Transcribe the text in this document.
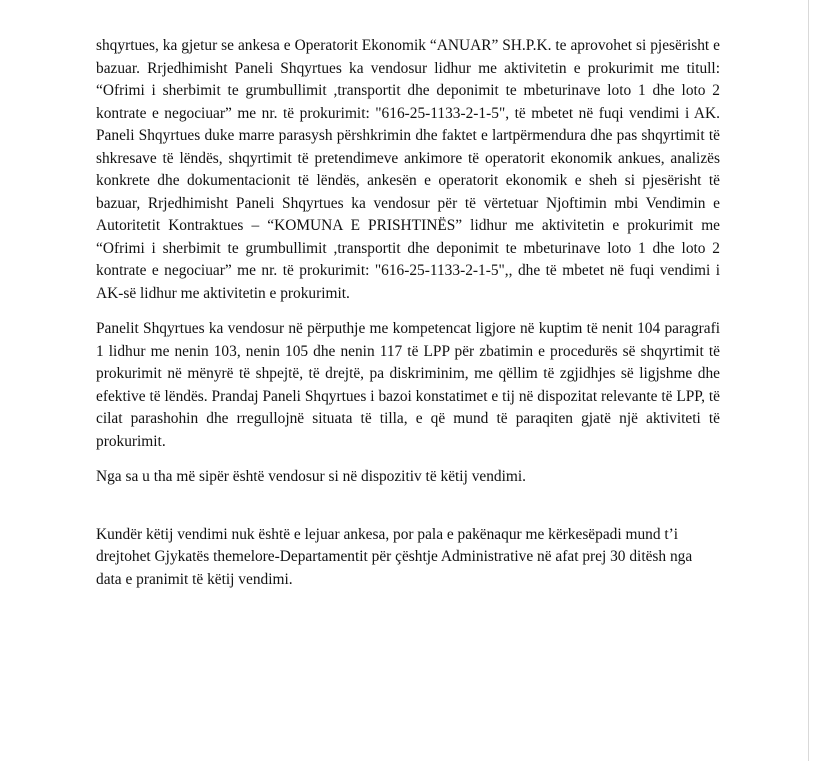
shqyrtues, ka gjetur se ankesa e Operatorit Ekonomik “ANUAR” SH.P.K. te aprovohet si pjesërisht e bazuar. Rrjedhimisht Paneli Shqyrtues ka vendosur lidhur me aktivitetin e prokurimit me titull: “Ofrimi i sherbimit te grumbullimit ,transportit dhe deponimit te mbeturinave loto 1 dhe loto 2 kontrate e negociuar” me nr. të prokurimit: "616-25-1133-2-1-5", të mbetet në fuqi vendimi i AK. Paneli Shqyrtues duke marre parasysh përshkrimin dhe faktet e lartpërmendura dhe pas shqyrtimit të shkresave të lëndës, shqyrtimit të pretendimeve ankimore të operatorit ekonomik ankues, analizës konkrete dhe dokumentacionit të lëndës, ankesën e operatorit ekonomik e sheh si pjesërisht të bazuar, Rrjedhimisht Paneli Shqyrtues ka vendosur për të vërtetuar Njoftimin mbi Vendimin e Autoritetit Kontraktues – “KOMUNA E PRISHTINËS” lidhur me aktivitetin e prokurimit me “Ofrimi i sherbimit te grumbullimit ,transportit dhe deponimit te mbeturinave loto 1 dhe loto 2 kontrate e negociuar” me nr. të prokurimit: "616-25-1133-2-1-5",, dhe të mbetet në fuqi vendimi i AK-së lidhur me aktivitetin e prokurimit.

Panelit Shqyrtues ka vendosur në përputhje me kompetencat ligjore në kuptim të nenit 104 paragrafi 1 lidhur me nenin 103, nenin 105 dhe nenin 117 të LPP për zbatimin e procedurës së shqyrtimit të prokurimit në mënyrë të shpejtë, të drejtë, pa diskriminim, me qëllim të zgjidhjes së ligjshme dhe efektive të lëndës. Prandaj Paneli Shqyrtues i bazoi konstatimet e tij në dispozitat relevante të LPP, të cilat parashohin dhe rregullojnë situata të tilla, e që mund të paraqiten gjatë një aktiviteti të prokurimit.

Nga sa u tha më sipër është vendosur si në dispozitiv të këtij vendimi.

Kundër këtij vendimi nuk është e lejuar ankesa, por pala e pakënaqur me kërkesëpadi mund t’i drejtohet Gjykatës themelore-Departamentit për çështje Administrative në afat prej 30 ditësh nga data e pranimit të këtij vendimi.
